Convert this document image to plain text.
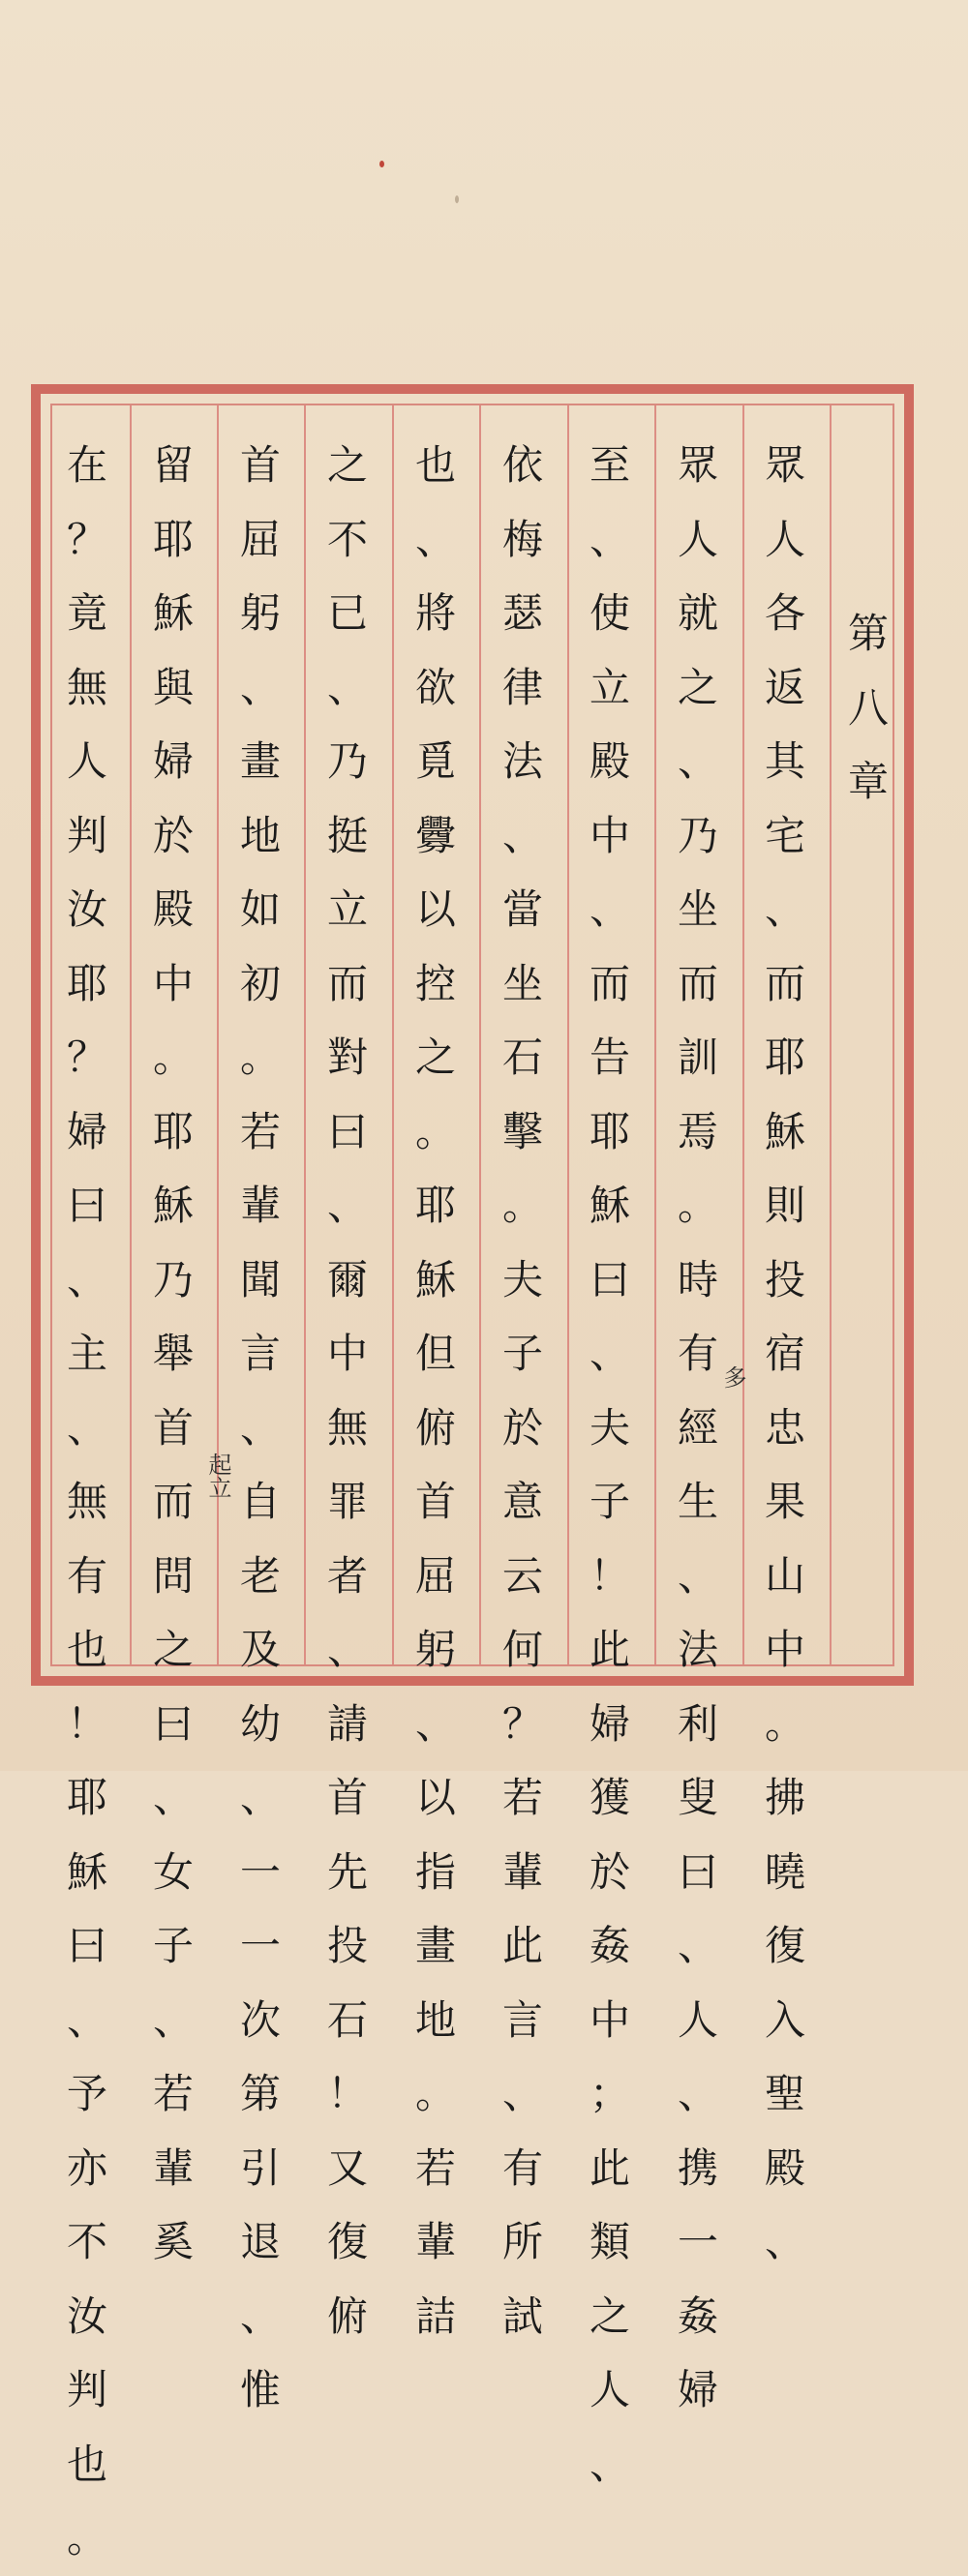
第
八
章
眾
人
各
返
其
宅
、
而
耶
穌
則
投
宿
忠
果
山
中
。
拂
曉
復
入
聖
殿
、
眾
人
就
之
、
乃
坐
而
訓
焉
。
時
有
經
生
、
法
利
叟
曰
、
人
、
携
一
姦
婦
至
、
使
立
殿
中
、
而
告
耶
穌
曰
、
夫
子
！
此
婦
獲
於
姦
中
；
此
類
之
人
、
依
梅
瑟
律
法
、
當
坐
石
擊
。
夫
子
於
意
云
何
？
若
輩
此
言
、
有
所
試
也
、
將
欲
覓
釁
以
控
之
。
耶
穌
但
俯
首
屈
躬
、
以
指
畫
地
。
若
輩
詰
之
不
已
、
乃
挺
立
而
對
曰
、
爾
中
無
罪
者
、
請
首
先
投
石
！
又
復
俯
首
屈
躬
、
畫
地
如
初
。
若
輩
聞
言
、
自
老
及
幼
、
一
一
次
第
引
退
、
惟
留
耶
穌
與
婦
於
殿
中
。
耶
穌
乃
舉
首
而
問
之
曰
、
女
子
、
若
輩
奚
在
？
竟
無
人
判
汝
耶
？
婦
曰
、
主
、
無
有
也
！
耶
穌
曰
、
予
亦
不
汝
判
也
。
多
起立
